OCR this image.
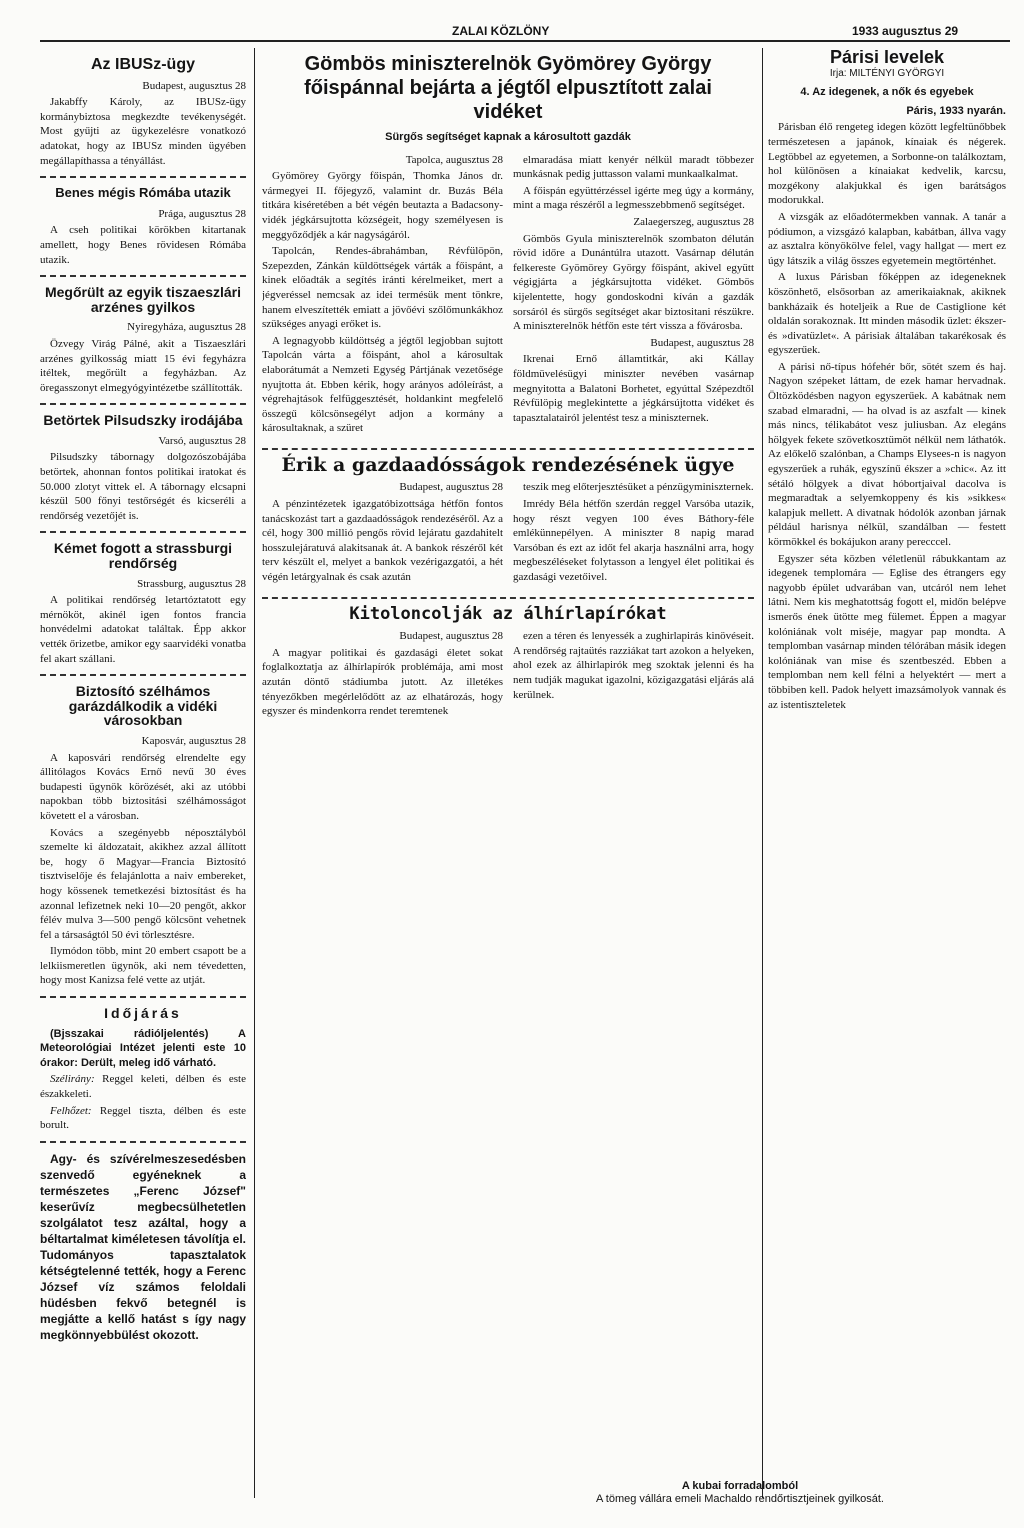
ZALAI KÖZLÖNY	1933 augusztus 29
Az IBUSz-ügy
Budapest, augusztus 28

Jakabffy Károly, az IBUSz-ügy kormánybiztosa megkezdte tevékenységét. Most gyűjti az ügykezelésre vonatkozó adatokat, hogy az IBUSz minden ügyében megállapíthassa a tényállást.

Benes mégis Rómába utazik
Prága, augusztus 28

A cseh politikai körökben kitartanak amellett, hogy Benes rövidesen Rómába utazik.

Megőrült az egyik tiszaeszlári arzénes gyilkos
Nyiregyháza, augusztus 28

Özvegy Virág Pálné, akit a Tiszaeszlári arzénes gyilkosság miatt 15 évi fegyházra itéltek, megőrült a fegyházban. Az öregasszonyt elmegyógyintézetbe szállították.

Betörtek Pilsudszky irodájába
Varsó, augusztus 28

Pilsudszky tábornagy dolgozószobájába betörtek, ahonnan fontos politikai iratokat és 50.000 zlotyt vittek el. A tábornagy elcsapni készül 500 főnyi testőrségét és kicseréli a rendőrség vezetőjét is.

Kémet fogott a strassburgi rendőrség
Strassburg, augusztus 28

A politikai rendőrség letartóztatott egy mérnököt, akinél igen fontos francia honvédelmi adatokat találtak. Épp akkor vették őrizetbe, amikor egy saarvidéki vonatba fel akart szállani.

Biztosító szélhámos garázdálkodik a vidéki városokban
Kaposvár, augusztus 28

A kaposvári rendőrség elrendelte egy állitólagos Kovács Ernő nevű 30 éves budapesti ügynök körözését, aki az utóbbi napokban több biztositási szélhámosságot követett el a városban.

Kovács a szegényebb néposztályból szemelte ki áldozatait, akikhez azzal állított be, hogy ő Magyar—Francia Biztosító tisztviselője és felajánlotta a naiv embereket, hogy kössenek temetkezési biztosítást és ha azonnal lefizetnek neki 10—20 pengőt, akkor félév mulva 3—500 pengő kölcsönt vehetnek fel a társaságtól 50 évi törlesztésre.

Ilymódon több, mint 20 embert csapott be a lelkiismeretlen ügynök, aki nem tévedetten, hogy most Kanizsa felé vette az utját.

Időjárás

(Bjsszakai rádióljelentés) A Meteorológiai Intézet jelenti este 10 órakor: Derült, meleg idő várható.

Szélirány: Reggel keleti, délben és este északkeleti.

Felhőzet: Reggel tiszta, délben és este borult.

Agy- és szívérelmeszesedésben szenvedő egyéneknek a természetes „Ferenc József" keserűvíz megbecsülhetetlen szolgálatot tesz azáltal, hogy a béltartalmat kiméletesen távolítja el. Tudományos tapasztalatok kétségtelenné tették, hogy a Ferenc József víz számos feloldali hüdésben fekvő betegnél is megjátte a kellő hatást s így nagy megkönnyebbülést okozott.

Gömbös miniszterelnök Gyömörey György főispánnal bejárta a jégtől elpusztított zalai vidéket
Sürgős segítséget kapnak a károsultott gazdák
Tapolca, augusztus 28

Gyömörey György főispán, Thomka János dr. vármegyei II. főjegyző, valamint dr. Buzás Béla titkára kiséretében a bét végén beutazta a Badacsony-vidék jégkársujtotta községeit, hogy személyesen is meggyőződjék a kár nagyságáról.

Tapolcán, Rendes-ábrahámban, Révfülöpön, Szepezden, Zánkán küldöttségek várták a főispánt, a kinek előadták a segítés iránti kérelmeiket, mert a jégveréssel nemcsak az idei termésük ment tönkre, hanem elveszítették emiatt a jövőévi szőlőmunkákhoz szükséges anyagi erőket is.

A legnagyobb küldöttség a jégtől legjobban sujtott Tapolcán várta a főispánt, ahol a károsultak elaborátumát a Nemzeti Egység Pártjának vezetősége nyujtotta át. Ebben kérik, hogy arányos adóleírást, a végrehajtások felfüggesztését, holdankint megfelelő összegű kölcsönsegélyt adjon a kormány a károsultaknak, a szüret

elmaradása miatt kenyér nélkül maradt többezer munkásnak pedig juttasson valami munkaalkalmat.

A főispán együttérzéssel igérte meg úgy a kormány, mint a maga részéről a legmesszebbmenő segítséget.

Zalaegerszeg, augusztus 28

Gömbös Gyula miniszterelnök szombaton délután rövid időre a Dunántúlra utazott. Vasárnap délután felkereste Gyömörey György főispánt, akivel együtt végigjárta a jégkársujtotta vidéket. Gömbös kijelentette, hogy gondoskodni kíván a gazdák sorsáról és sürgős segítséget akar biztositani részükre. A miniszterelnök hétfőn este tért vissza a fővárosba.

Budapest, augusztus 28

Ikrenai Ernő államtitkár, aki Kállay földmüvelésügyi miniszter nevében vasárnap megnyitotta a Balatoni Borhetet, egyúttal Szépezdtől Révfülöpig meglekintette a jégkársújtotta vidéket és tapasztalatairól jelentést tesz a miniszternek.

Érik a gazdaadósságok rendezésének ügye
Budapest, augusztus 28

A pénzintézetek igazgatóbizottsága hétfőn fontos tanácskozást tart a gazdaadósságok rendezéséről. Az a cél, hogy 300 millió pengős rövid lejáratu gazdahitelt hosszulejáratuvá alakitsanak át. A bankok részéről két terv készült el, melyet a bankok vezérigazgatói, a hét végén letárgyalnak és csak azután

teszik meg előterjesztésüket a pénzügyminiszternek.

Imrédy Béla hétfőn szerdán reggel Varsóba utazik, hogy részt vegyen 100 éves Báthory-féle emlékünnepélyen. A miniszter 8 napig marad Varsóban és ezt az időt fel akarja használni arra, hogy megbeszéléseket folytasson a lengyel élet politikai és gazdasági vezetőivel.

Kitoloncolják az álhírlapírókat
Budapest, augusztus 28

A magyar politikai és gazdasági életet sokat foglalkoztatja az álhírlapírók problémája, ami most azután döntő stádiumba jutott. Az illetékes tényezőkben megérlelődött az az elhatározás, hogy egyszer és mindenkorra rendet teremtenek

ezen a téren és lenyessék a zughirlapirás kinövéseit. A rendőrség rajtaütés razziákat tart azokon a helyeken, ahol ezek az álhirlapirók meg szoktak jelenni és ha nem tudják magukat igazolni, közigazgatási eljárás alá kerülnek.

Párisi levelek
Irja: MILTÉNYI GYÖRGYI
4. Az idegenek, a nők és egyebek
Páris, 1933 nyarán.

Párisban élő rengeteg idegen között legfeltünőbbek természetesen a japánok, kínaiak és négerek. Legtöbbel az egyetemen, a Sorbonne-on találkoztam, hol különösen a kínaiakat kedvelik, karcsu, mozgékony alakjukkal és igen barátságos modorukkal.

A vizsgák az előadótermekben vannak. A tanár a pódiumon, a vizsgázó kalapban, kabátban, állva vagy az asztalra könyökölve felel, vagy hallgat — mert ez úgy látszik a világ összes egyetemein megtörténhet.

A luxus Párisban főképpen az idegeneknek köszönhető, elsősorban az amerikaiaknak, akiknek bankházaik és hoteljeik a Rue de Castiglione két oldalán sorakoznak. Itt minden második üzlet: ékszer- és »divatüzlet«. A párisiak általában takarékosak és egyszerűek.

A párisi nő-típus hófehér bőr, sötét szem és haj. Nagyon szépeket láttam, de ezek hamar hervadnak. Öltözködésben nagyon egyszerűek. A kabátnak nem szabad elmaradni, — ha olvad is az aszfalt — kinek más nincs, télikabátot vesz juliusban. Az elegáns hölgyek fekete szövetkosztümöt nélkül nem láthatók. Az előkelő szalónban, a Champs Elysees-n is nagyon egyszerűek a ruhák, egyszínű ékszer a »chic«. Az itt sétáló hölgyek a divat hóbortjaival dacolva is megmaradtak a selyemkoppeny és kis »sikkes« kalapjuk mellett. A divatnak hódolók azonban járnak például harisnya nélkül, szandálban — festett körmökkel és bokájukon arany perecccel.

Egyszer séta közben véletlenül rábukkantam az idegenek templomára — Eglise des étrangers egy nagyobb épület udvarában van, utcáról nem lehet látni. Nem kis meghatottság fogott el, midőn belépve ismerős ének ütötte meg fülemet. Éppen a magyar kolóniának volt miséje, magyar pap mondta. A templomban vasárnap minden télórában másik idegen kolóniának van mise és szentbeszéd. Ebben a templomban nem kell félni a helyektért — mert a többiben kell. Padok helyett imazsámolyok vannak és az istentiszteletek

A kubai forradalomból
A tömeg vállára emeli Machaldo rendőrtisztjeinek gyilkosát.
